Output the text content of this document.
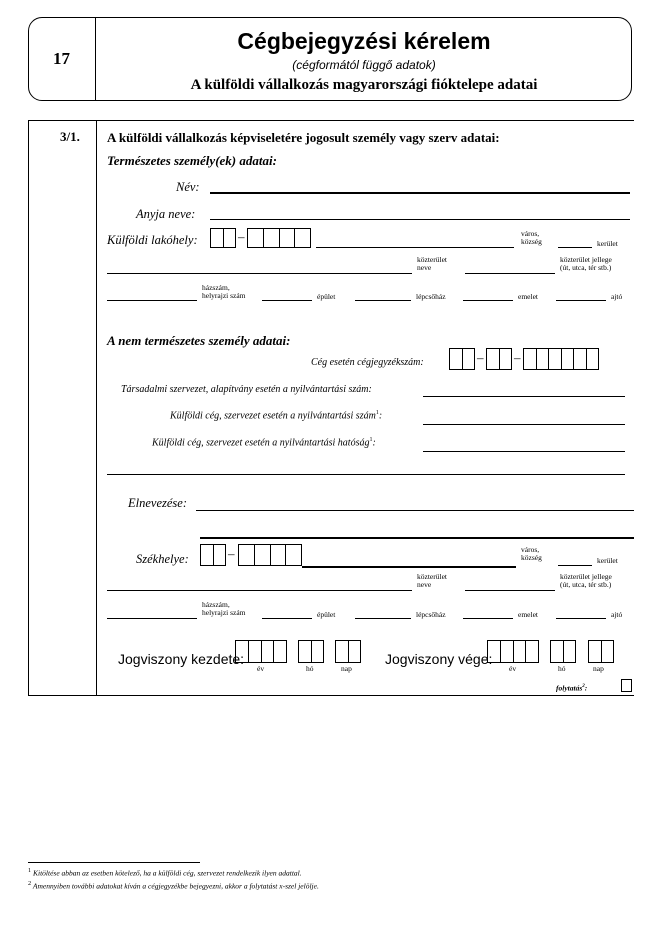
17
Cégbejegyzési kérelem
(cégformától függő adatok)
A külföldi vállalkozás magyarországi fióktelepe adatai
3/1. A külföldi vállalkozás képviseletére jogosult személy vagy szerv adatai:
Természetes személy(ek) adatai:
Név:
Anyja neve:
Külföldi lakóhely:	–	város,
község	kerület
közterület
neve
közterület jellege
(út, utca, tér stb.)
házszám,
helyrajzi szám	épület	lépcsőház	emelet	ajtó
A nem természetes személy adatai:
Cég esetén cégjegyzékszám:	– –
Társadalmi szervezet, alapítvány esetén a nyilvántartási szám:
Külföldi cég, szervezet esetén a nyilvántartási szám$^1$:
Külföldi cég, szervezet esetén a nyilvántartási hatóság$^1$:
Elnevezése:
Székhelye:	–	város,
község	kerület
közterület
neve
közterület jellege
(út, utca, tér stb.)
házszám,
helyrajzi szám	épület	lépcsőház	emelet	ajtó
Jogviszony kezdete:
év	hó	nap
Jogviszony vége:
év	hó	nap
folytatás$^2$:
$^1$ Kitöltése abban az esetben kötelező, ha a külföldi cég, szervezet rendelkezik ilyen adattal.
$^2$ Amennyiben további adatokat kíván a cégjegyzékbe bejegyezni, akkor a folytatást x-szel jelölje.
